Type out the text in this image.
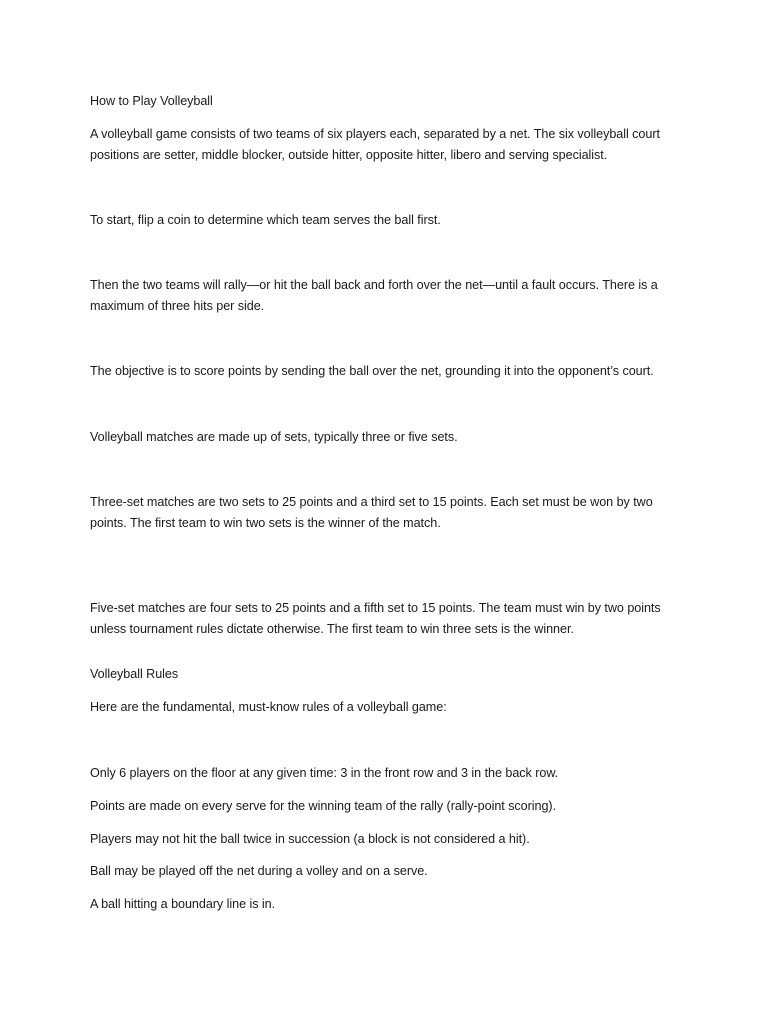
How to Play Volleyball

A volleyball game consists of two teams of six players each, separated by a net. The six volleyball court positions are setter, middle blocker, outside hitter, opposite hitter, libero and serving specialist.

To start, flip a coin to determine which team serves the ball first.

Then the two teams will rally—or hit the ball back and forth over the net—until a fault occurs. There is a maximum of three hits per side.

The objective is to score points by sending the ball over the net, grounding it into the opponent’s court.

Volleyball matches are made up of sets, typically three or five sets.

Three-set matches are two sets to 25 points and a third set to 15 points. Each set must be won by two points. The first team to win two sets is the winner of the match.

Five-set matches are four sets to 25 points and a fifth set to 15 points. The team must win by two points unless tournament rules dictate otherwise. The first team to win three sets is the winner.

Volleyball Rules

Here are the fundamental, must-know rules of a volleyball game:

Only 6 players on the floor at any given time: 3 in the front row and 3 in the back row.

Points are made on every serve for the winning team of the rally (rally-point scoring).

Players may not hit the ball twice in succession (a block is not considered a hit).

Ball may be played off the net during a volley and on a serve.

A ball hitting a boundary line is in.
